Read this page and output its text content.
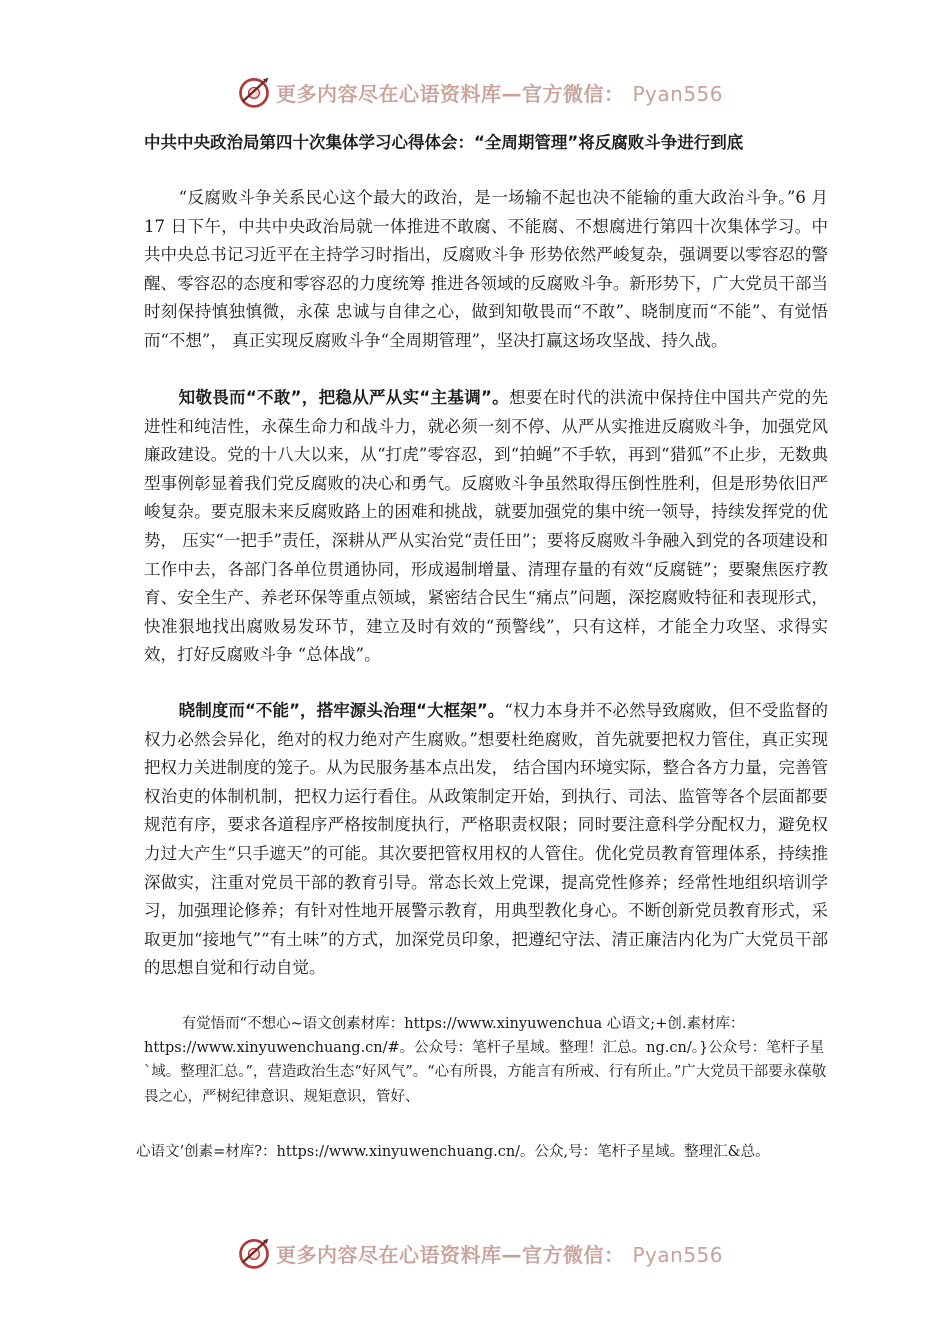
更多内容尽在心语资料库—官方微信： Pyan556
中共中央政治局第四十次集体学习心得体会：“全周期管理”将反腐败斗争进行到底

“反腐败斗争关系民心这个最大的政治，是一场输不起也决不能输的重大政治斗争。”6 月 17 日下午，中共中央政治局就一体推进不敢腐、不能腐、不想腐进行第四十次集体学习。中共中央总书记习近平在主持学习时指出，反腐败斗争 形势依然严峻复杂，强调要以零容忍的警醒、零容忍的态度和零容忍的力度统筹 推进各领域的反腐败斗争。新形势下，广大党员干部当时刻保持慎独慎微，永葆 忠诚与自律之心，做到知敬畏而“不敢”、晓制度而“不能”、有觉悟而“不想”， 真正实现反腐败斗争“全周期管理”，坚决打赢这场攻坚战、持久战。

知敬畏而“不敢”，把稳从严从实“主基调”。想要在时代的洪流中保持住中国共产党的先进性和纯洁性，永葆生命力和战斗力，就必须一刻不停、从严从实推进反腐败斗争，加强党风廉政建设。党的十八大以来，从“打虎”零容忍，到“拍蝇”不手软，再到“猎狐”不止步，无数典型事例彰显着我们党反腐败的决心和勇气。反腐败斗争虽然取得压倒性胜利，但是形势依旧严峻复杂。要克服未来反腐败路上的困难和挑战，就要加强党的集中统一领导，持续发挥党的优势， 压实“一把手”责任，深耕从严从实治党“责任田”；要将反腐败斗争融入到党的各项建设和工作中去，各部门各单位贯通协同，形成遏制增量、清理存量的有效“反腐链”；要聚焦医疗教育、安全生产、养老环保等重点领域，紧密结合民生“痛点”问题，深挖腐败特征和表现形式，快准狠地找出腐败易发环节，建立及时有效的“预警线”，只有这样，才能全力攻坚、求得实效，打好反腐败斗争 “总体战”。

晓制度而“不能”，搭牢源头治理“大框架”。“权力本身并不必然导致腐败，但不受监督的权力必然会异化，绝对的权力绝对产生腐败。”想要杜绝腐败，首先就要把权力管住，真正实现把权力关进制度的笼子。从为民服务基本点出发， 结合国内环境实际，整合各方力量，完善管权治吏的体制机制，把权力运行看住。从政策制定开始，到执行、司法、监管等各个层面都要规范有序，要求各道程序严格按制度执行，严格职责权限；同时要注意科学分配权力，避免权力过大产生“只手遮天”的可能。其次要把管权用权的人管住。优化党员教育管理体系，持续推深做实，注重对党员干部的教育引导。常态长效上党课，提高党性修养；经常性地组织培训学习，加强理论修养；有针对性地开展警示教育，用典型教化身心。不断创新党员教育形式，采取更加“接地气”“有土味”的方式，加深党员印象，把遵纪守法、清正廉洁内化为广大党员干部的思想自觉和行动自觉。

有觉悟而“不想心~语文创素材库：https://www.xinyuwenchua 心语文;+创.素材库：https://www.xinyuwenchuang.cn/#。公众号：笔杆子星域。整理！汇总。ng.cn/。}公众号：笔杆子星`域。整理汇总。”，营造政治生态“好风气”。“心有所畏，方能言有所戒、行有所止。”广大党员干部要永葆敬畏之心，严树纪律意识、规矩意识，管好、

心语文’创素=材库?：https://www.xinyuwenchuang.cn/。公众,号：笔杆子星域。整理汇&总。

更多内容尽在心语资料库—官方微信： Pyan556
